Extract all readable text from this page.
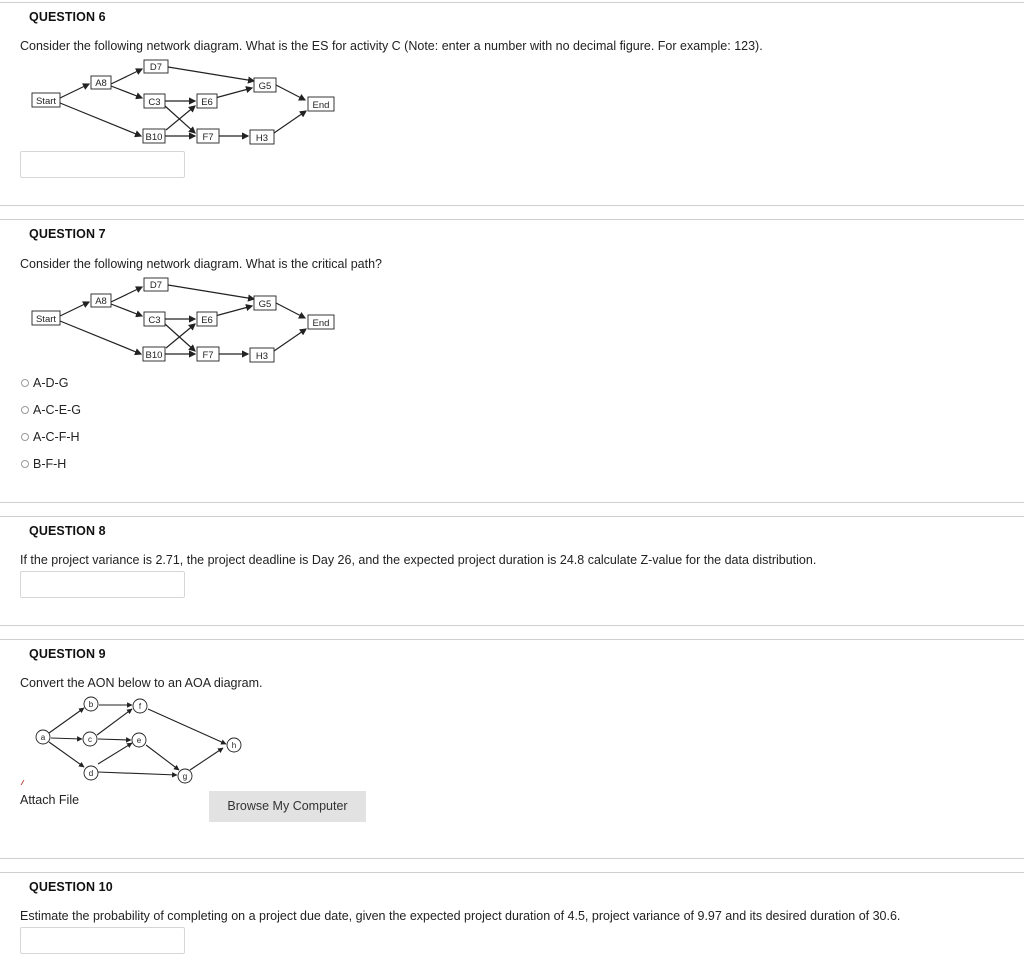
QUESTION 6
Consider the following network diagram. What is the ES for activity C (Note: enter a number with no decimal figure. For example: 123).
Start
A8
D7
C3	E6
G5
End
B10	F7	H3
QUESTION 7
Consider the following network diagram. What is the critical path?
Start
A8
D7
C3	E6
G5
End
B10	F7	H3
A-D-G
A-C-E-G
A-C-F-H
B-F-H
QUESTION 8
If the project variance is 2.71, the project deadline is Day 26, and the expected project duration is 24.8 calculate Z-value for the data distribution.
QUESTION 9
Convert the AON below to an AOA diagram.
a
b
c
d
f
e
g
h
Attach File	Browse My Computer
QUESTION 10
Estimate the probability of completing on a project due date, given the expected project duration of 4.5, project variance of 9.97 and its desired duration of 30.6.
